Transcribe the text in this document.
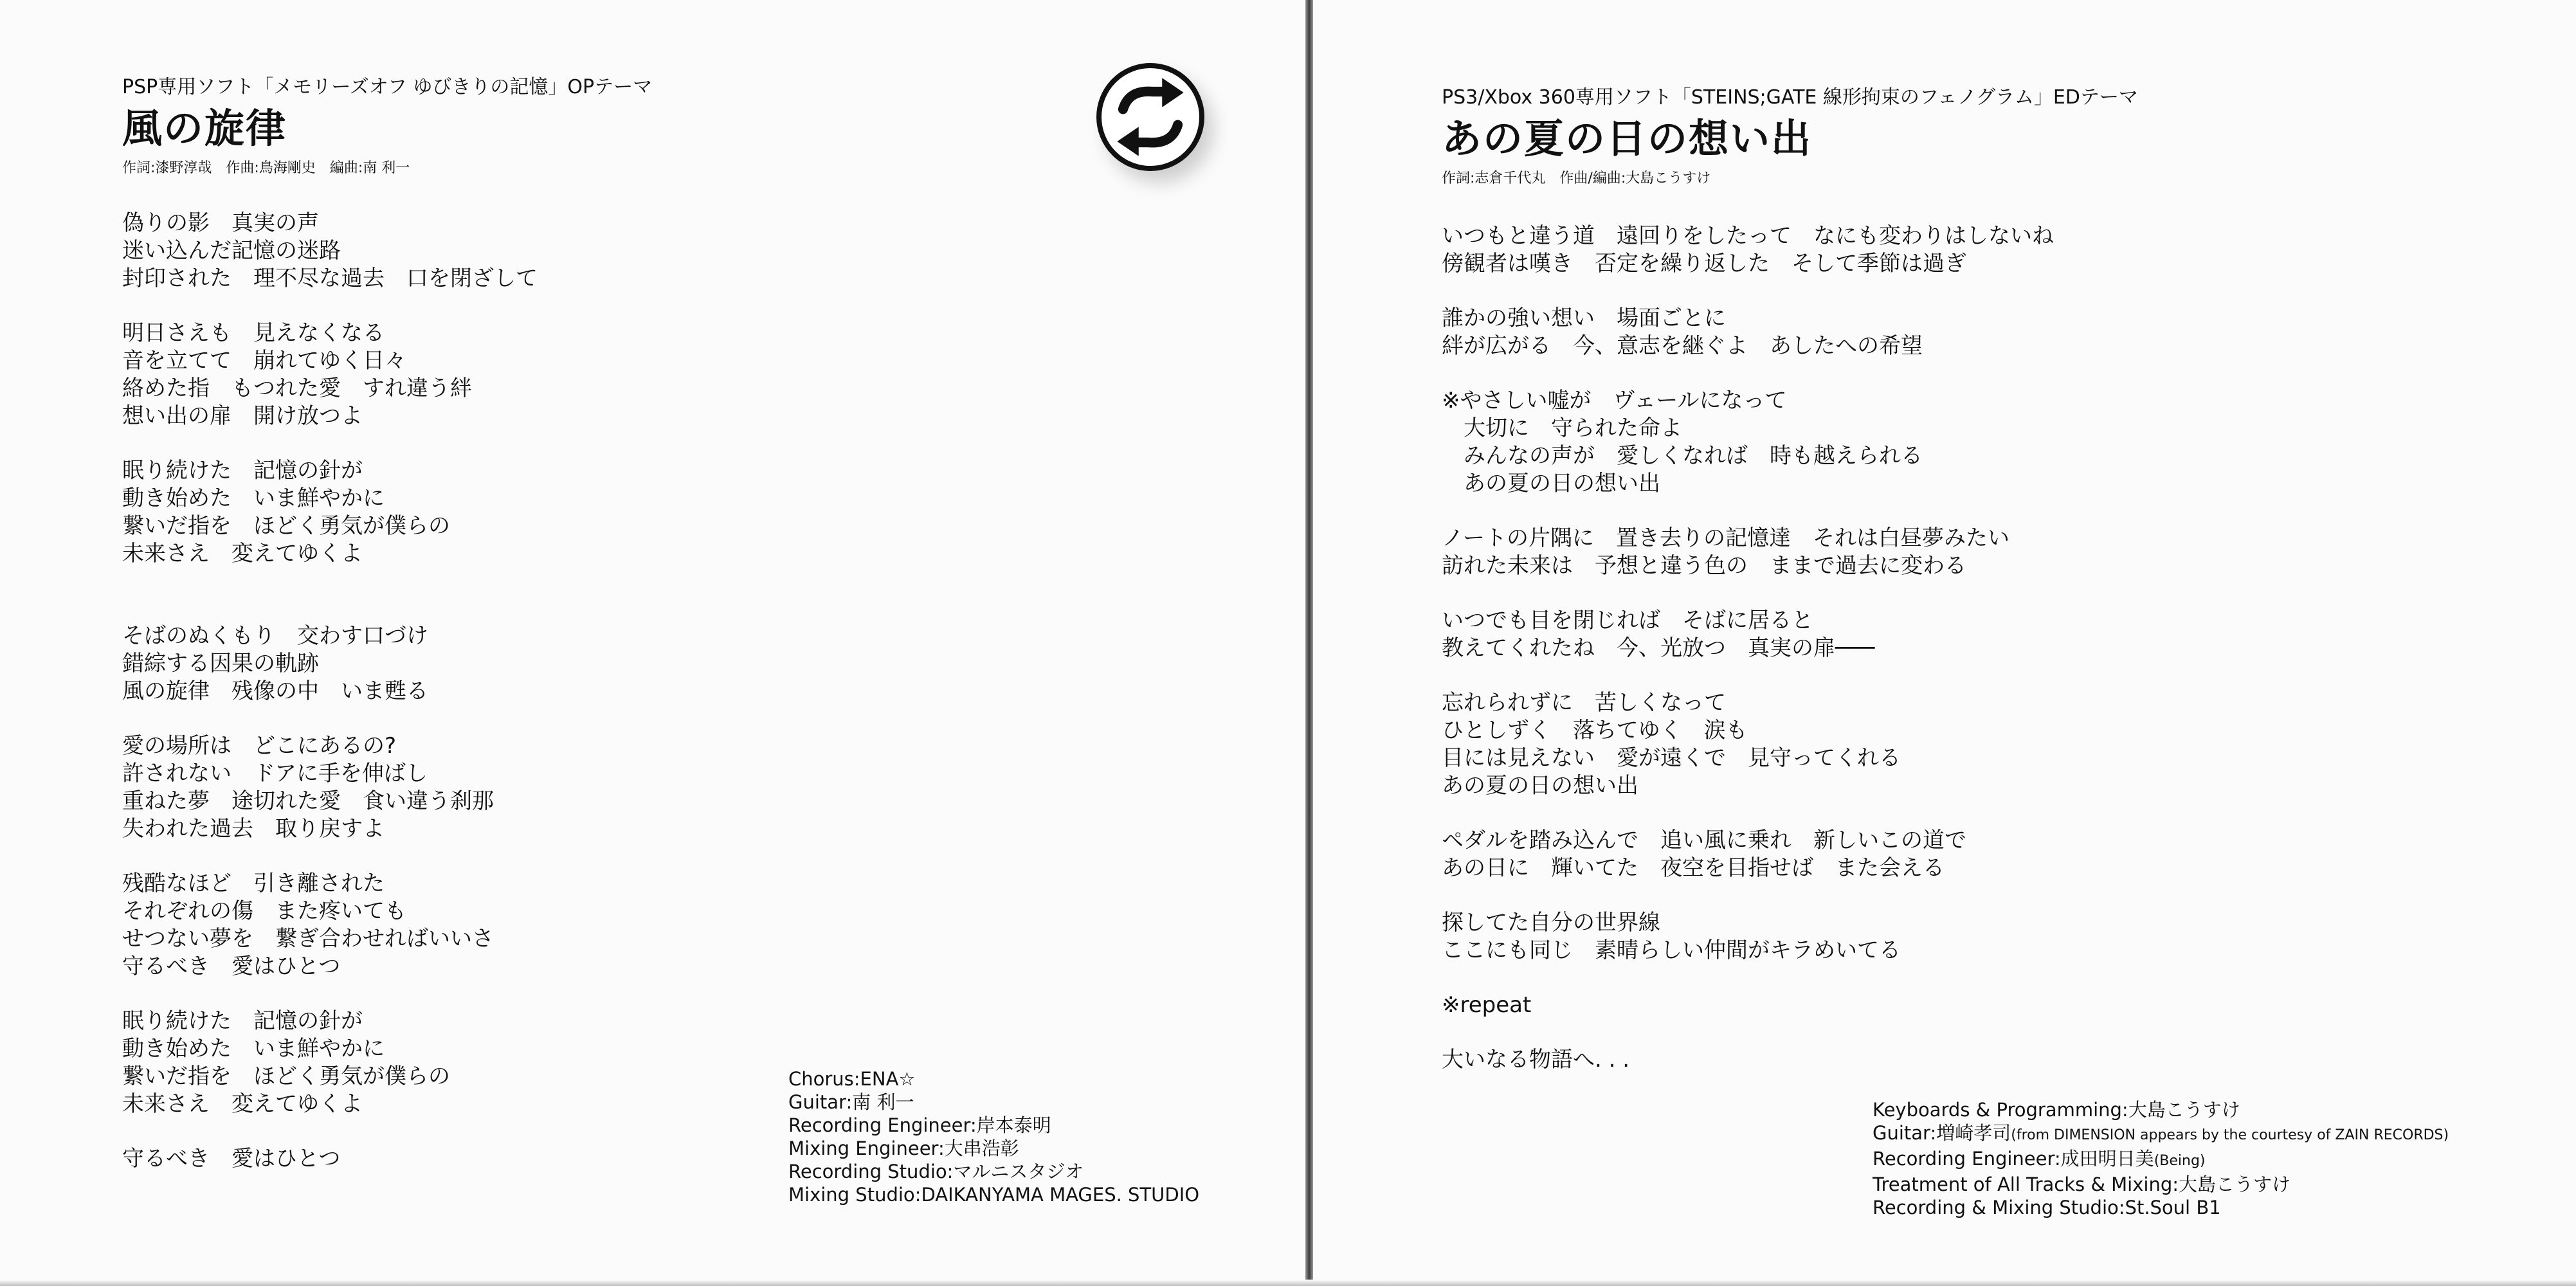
PSP専用ソフト「メモリーズオフ ゆびきりの記憶」OPテーマ
風の旋律
作詞:漆野淳哉　作曲:鳥海剛史　編曲:南 利一
偽りの影　真実の声
迷い込んだ記憶の迷路
封印された　理不尽な過去　口を閉ざして
明日さえも　見えなくなる
音を立てて　崩れてゆく日々
絡めた指　もつれた愛　すれ違う絆
想い出の扉　開け放つよ
眠り続けた　記憶の針が
動き始めた　いま鮮やかに
繋いだ指を　ほどく勇気が僕らの
未来さえ　変えてゆくよ
そばのぬくもり　交わす口づけ
錯綜する因果の軌跡
風の旋律　残像の中　いま甦る
愛の場所は　どこにあるの?
許されない　ドアに手を伸ばし
重ねた夢　途切れた愛　食い違う刹那
失われた過去　取り戻すよ
残酷なほど　引き離された
それぞれの傷　また疼いても
せつない夢を　繋ぎ合わせればいいさ
守るべき　愛はひとつ
眠り続けた　記憶の針が
動き始めた　いま鮮やかに
繋いだ指を　ほどく勇気が僕らの
未来さえ　変えてゆくよ
守るべき　愛はひとつ
Chorus:ENA☆
Guitar:南 利一
Recording Engineer:岸本泰明
Mixing Engineer:大串浩彰
Recording Studio:マルニスタジオ
Mixing Studio:DAIKANYAMA MAGES. STUDIO
PS3/Xbox 360専用ソフト「STEINS;GATE 線形拘束のフェノグラム」EDテーマ
あの夏の日の想い出
作詞:志倉千代丸　作曲/編曲:大島こうすけ
いつもと違う道　遠回りをしたって　なにも変わりはしないね
傍観者は嘆き　否定を繰り返した　そして季節は過ぎ
誰かの強い想い　場面ごとに
絆が広がる　今、意志を継ぐよ　あしたへの希望
※やさしい嘘が　ヴェールになって
　大切に　守られた命よ
　みんなの声が　愛しくなれば　時も越えられる
　あの夏の日の想い出
ノートの片隅に　置き去りの記憶達　それは白昼夢みたい
訪れた未来は　予想と違う色の　ままで過去に変わる
いつでも目を閉じれば　そばに居ると
教えてくれたね　今、光放つ　真実の扉───
忘れられずに　苦しくなって
ひとしずく　落ちてゆく　涙も
目には見えない　愛が遠くで　見守ってくれる
あの夏の日の想い出
ペダルを踏み込んで　追い風に乗れ　新しいこの道で
あの日に　輝いてた　夜空を目指せば　また会える
探してた自分の世界線
ここにも同じ　素晴らしい仲間がキラめいてる
※repeat
大いなる物語へ. . .
Keyboards & Programming:大島こうすけ
Guitar:増崎孝司(from DIMENSION appears by the courtesy of ZAIN RECORDS)
Recording Engineer:成田明日美(Being)
Treatment of All Tracks & Mixing:大島こうすけ
Recording & Mixing Studio:St.Soul B1
